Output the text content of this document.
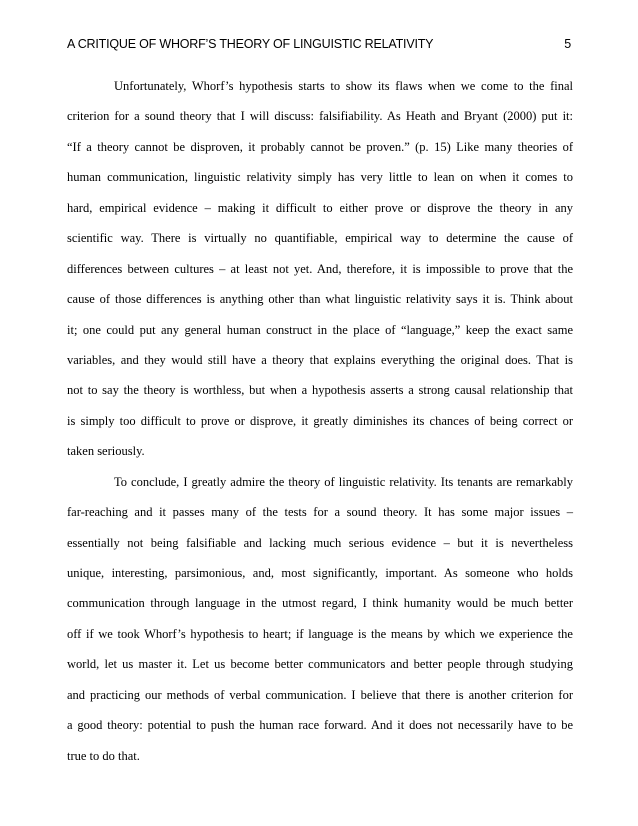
A CRITIQUE OF WHORF’S THEORY OF LINGUISTIC RELATIVITY	5
Unfortunately, Whorf’s hypothesis starts to show its flaws when we come to the final
criterion for a sound theory that I will discuss: falsifiability. As Heath and Bryant (2000) put it:
“If a theory cannot be disproven, it probably cannot be proven.” (p. 15) Like many theories of
human communication, linguistic relativity simply has very little to lean on when it comes to
hard, empirical evidence – making it difficult to either prove or disprove the theory in any
scientific way. There is virtually no quantifiable, empirical way to determine the cause of
differences between cultures – at least not yet. And, therefore, it is impossible to prove that the
cause of those differences is anything other than what linguistic relativity says it is. Think about
it; one could put any general human construct in the place of “language,” keep the exact same
variables, and they would still have a theory that explains everything the original does. That is
not to say the theory is worthless, but when a hypothesis asserts a strong causal relationship that
is simply too difficult to prove or disprove, it greatly diminishes its chances of being correct or
taken seriously.
To conclude, I greatly admire the theory of linguistic relativity. Its tenants are remarkably
far-reaching and it passes many of the tests for a sound theory. It has some major issues –
essentially not being falsifiable and lacking much serious evidence – but it is nevertheless
unique, interesting, parsimonious, and, most significantly, important. As someone who holds
communication through language in the utmost regard, I think humanity would be much better
off if we took Whorf’s hypothesis to heart; if language is the means by which we experience the
world, let us master it. Let us become better communicators and better people through studying
and practicing our methods of verbal communication. I believe that there is another criterion for
a good theory: potential to push the human race forward. And it does not necessarily have to be
true to do that.
